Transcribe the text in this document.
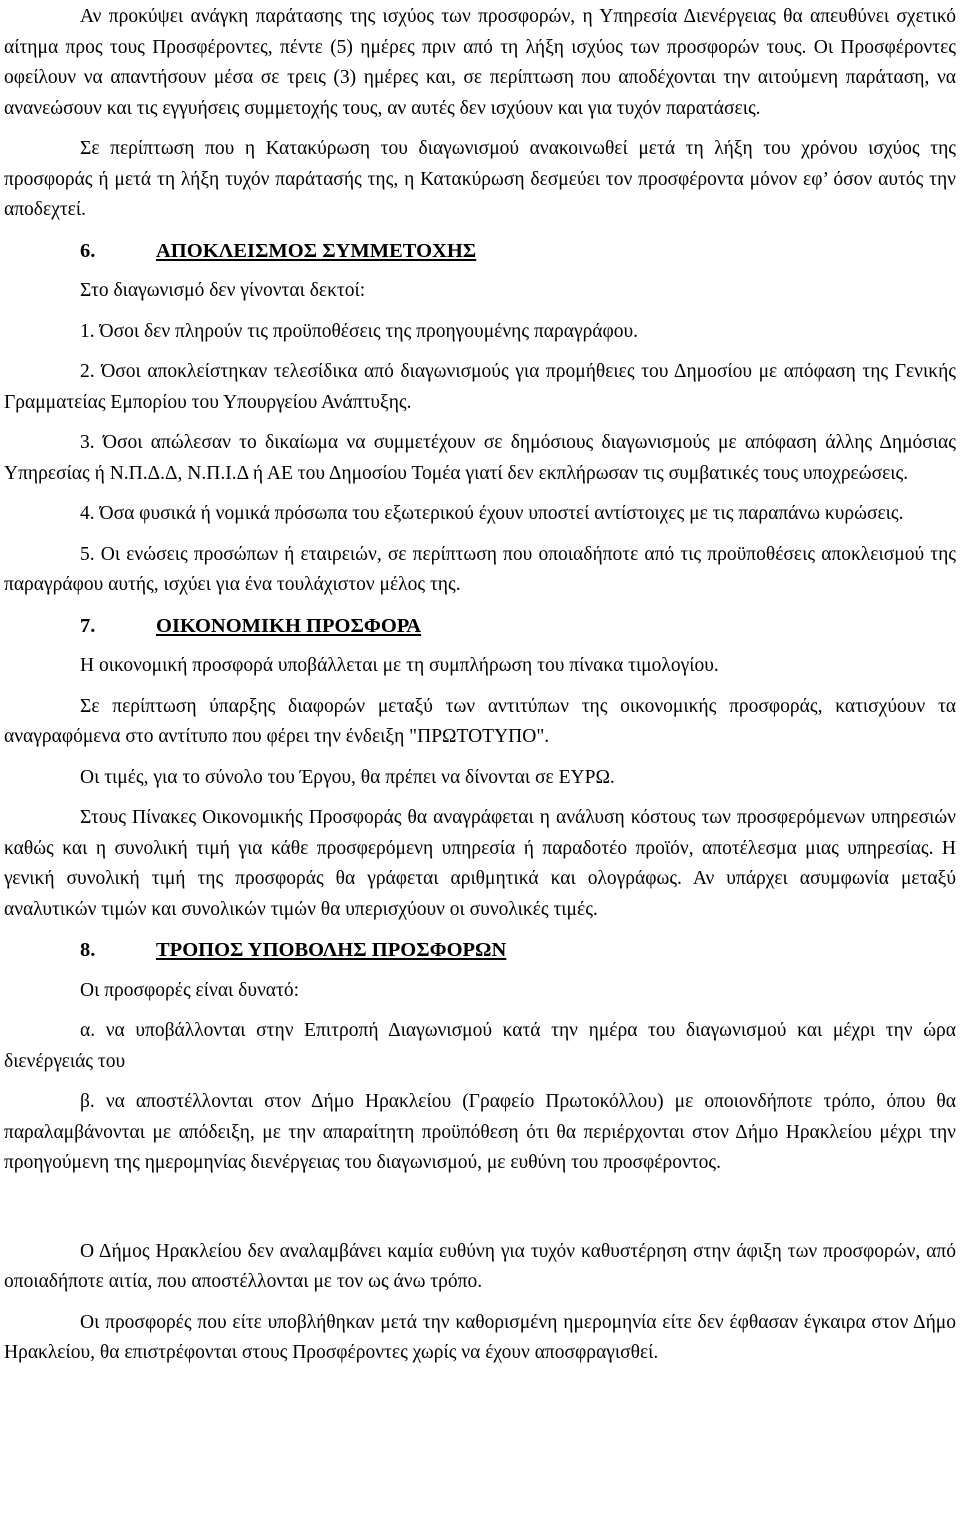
Αν προκύψει ανάγκη παράτασης της ισχύος των προσφορών, η Υπηρεσία Διενέργειας θα απευθύνει σχετικό αίτημα προς τους Προσφέροντες, πέντε (5) ημέρες πριν από τη λήξη ισχύος των προσφορών τους. Οι Προσφέροντες οφείλουν να απαντήσουν μέσα σε τρεις (3) ημέρες και, σε περίπτωση που αποδέχονται την αιτούμενη παράταση, να ανανεώσουν και τις εγγυήσεις συμμετοχής τους, αν αυτές δεν ισχύουν και για τυχόν παρατάσεις.

Σε περίπτωση που η Κατακύρωση του διαγωνισμού ανακοινωθεί μετά τη λήξη του χρόνου ισχύος της προσφοράς ή μετά τη λήξη τυχόν παράτασής της, η Κατακύρωση δεσμεύει τον προσφέροντα μόνον εφ’ όσον αυτός την αποδεχτεί.

6.	ΑΠΟΚΛΕΙΣΜΟΣ ΣΥΜΜΕΤΟΧΗΣ

Στο διαγωνισμό δεν γίνονται δεκτοί:

1. Όσοι δεν πληρούν τις προϋποθέσεις της προηγουμένης παραγράφου.

2. Όσοι αποκλείστηκαν τελεσίδικα από διαγωνισμούς για προμήθειες του Δημοσίου με απόφαση της Γενικής Γραμματείας Εμπορίου του Υπουργείου Ανάπτυξης.

3. Όσοι απώλεσαν το δικαίωμα να συμμετέχουν σε δημόσιους διαγωνισμούς με απόφαση άλλης Δημόσιας Υπηρεσίας ή Ν.Π.Δ.Δ, Ν.Π.Ι.Δ ή ΑΕ του Δημοσίου Τομέα γιατί δεν εκπλήρωσαν τις συμβατικές τους υποχρεώσεις.

4. Όσα φυσικά ή νομικά πρόσωπα του εξωτερικού έχουν υποστεί αντίστοιχες με τις παραπάνω κυρώσεις.

5. Οι ενώσεις προσώπων ή εταιρειών, σε περίπτωση που οποιαδήποτε από τις προϋποθέσεις αποκλεισμού της παραγράφου αυτής, ισχύει για ένα τουλάχιστον μέλος της.

7.	ΟΙΚΟΝΟΜΙΚΗ ΠΡΟΣΦΟΡΑ

Η οικονομική προσφορά υποβάλλεται με τη συμπλήρωση του πίνακα τιμολογίου.

Σε περίπτωση ύπαρξης διαφορών μεταξύ των αντιτύπων της οικονομικής προσφοράς, κατισχύουν τα αναγραφόμενα στο αντίτυπο που φέρει την ένδειξη "ΠΡΩΤΟΤΥΠΟ".

Οι τιμές, για το σύνολο του Έργου, θα πρέπει να δίνονται σε ΕΥΡΩ.

Στους Πίνακες Οικονομικής Προσφοράς θα αναγράφεται η ανάλυση κόστους των προσφερόμενων υπηρεσιών καθώς και η συνολική τιμή για κάθε προσφερόμενη υπηρεσία ή παραδοτέο προϊόν, αποτέλεσμα μιας υπηρεσίας. Η γενική συνολική τιμή της προσφοράς θα γράφεται αριθμητικά και ολογράφως. Αν υπάρχει ασυμφωνία μεταξύ αναλυτικών τιμών και συνολικών τιμών θα υπερισχύουν οι συνολικές τιμές.

8.	ΤΡΟΠΟΣ ΥΠΟΒΟΛΗΣ ΠΡΟΣΦΟΡΩΝ

Οι προσφορές είναι δυνατό:

α. να υποβάλλονται στην Επιτροπή Διαγωνισμού κατά την ημέρα του διαγωνισμού και μέχρι την ώρα διενέργειάς του

β. να αποστέλλονται στον Δήμο Ηρακλείου (Γραφείο Πρωτοκόλλου) με οποιονδήποτε τρόπο, όπου θα παραλαμβάνονται με απόδειξη, με την απαραίτητη προϋπόθεση ότι θα περιέρχονται στον Δήμο Ηρακλείου μέχρι την προηγούμενη της ημερομηνίας διενέργειας του διαγωνισμού, με ευθύνη του προσφέροντος.

Ο Δήμος Ηρακλείου δεν αναλαμβάνει καμία ευθύνη για τυχόν καθυστέρηση στην άφιξη των προσφορών, από οποιαδήποτε αιτία, που αποστέλλονται με τον ως άνω τρόπο.

Οι προσφορές που είτε υποβλήθηκαν μετά την καθορισμένη ημερομηνία είτε δεν έφθασαν έγκαιρα στον Δήμο Ηρακλείου, θα επιστρέφονται στους Προσφέροντες χωρίς να έχουν αποσφραγισθεί.
